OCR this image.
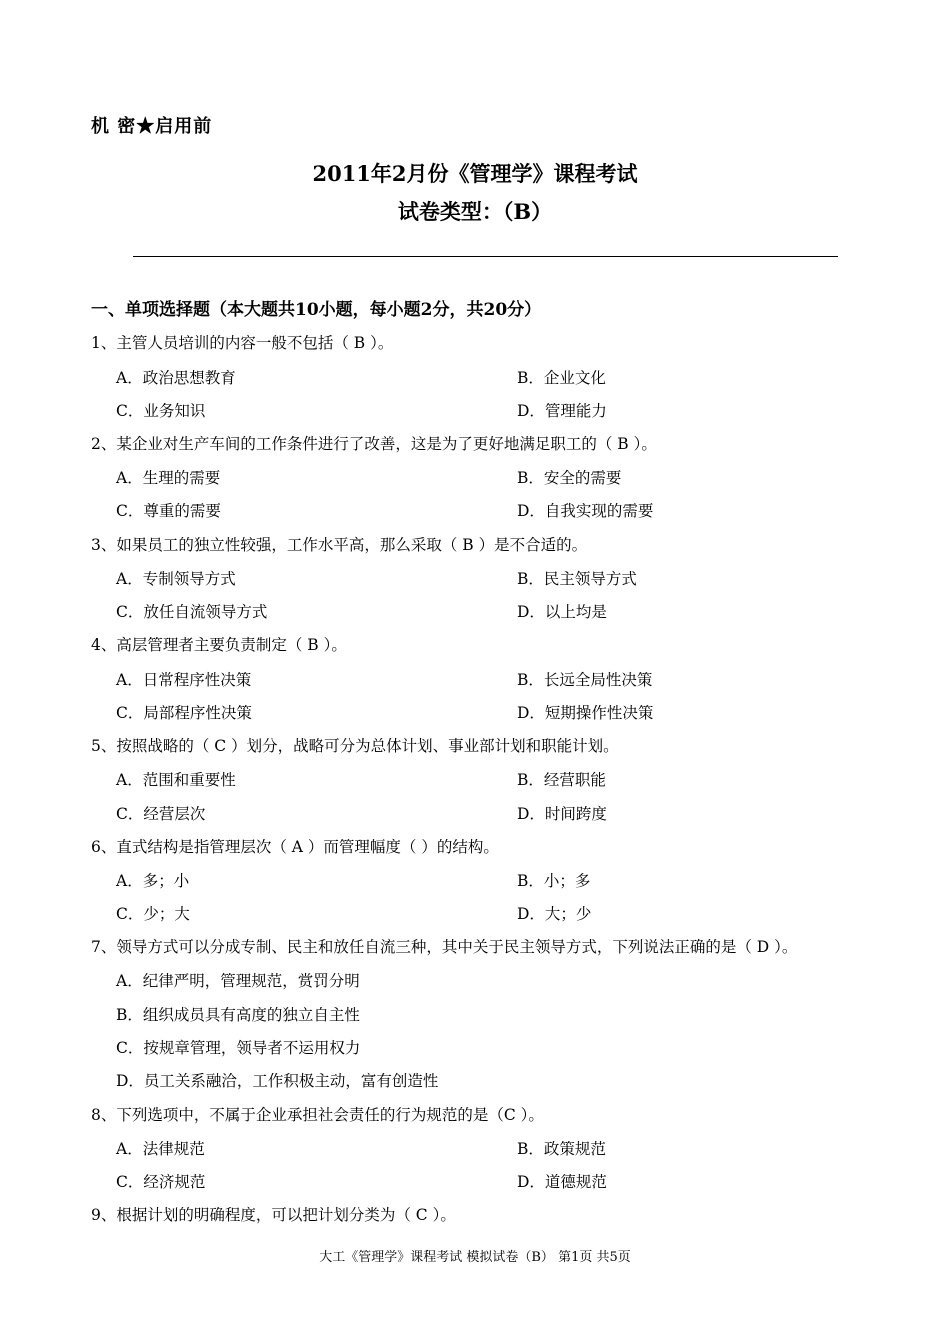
机 密★启用前
2011年2月份《管理学》课程考试
试卷类型：（B）
一、单项选择题（本大题共10小题，每小题2分，共20分）
1、主管人员培训的内容一般不包括（ B ）。
A．政治思想教育	B．企业文化
C．业务知识	D．管理能力
2、某企业对生产车间的工作条件进行了改善，这是为了更好地满足职工的（ B ）。
A．生理的需要	B．安全的需要
C．尊重的需要	D．自我实现的需要
3、如果员工的独立性较强，工作水平高，那么采取（ B ）是不合适的。
A．专制领导方式	B．民主领导方式
C．放任自流领导方式	D．以上均是
4、高层管理者主要负责制定（ B ）。
A．日常程序性决策	B．长远全局性决策
C．局部程序性决策	D．短期操作性决策
5、按照战略的（ C ）划分，战略可分为总体计划、事业部计划和职能计划。
A．范围和重要性	B．经营职能
C．经营层次	D．时间跨度
6、直式结构是指管理层次（ A ）而管理幅度（ ）的结构。
A．多；小	B．小；多
C．少；大	D．大；少
7、领导方式可以分成专制、民主和放任自流三种，其中关于民主领导方式，下列说法正确的是（ D ）。
A．纪律严明，管理规范，赏罚分明
B．组织成员具有高度的独立自主性
C．按规章管理，领导者不运用权力
D．员工关系融洽，工作积极主动，富有创造性
8、下列选项中，不属于企业承担社会责任的行为规范的是（C ）。
A．法律规范	B．政策规范
C．经济规范	D．道德规范
9、根据计划的明确程度，可以把计划分类为（ C ）。
大工《管理学》课程考试 模拟试卷（B） 第1页 共5页
